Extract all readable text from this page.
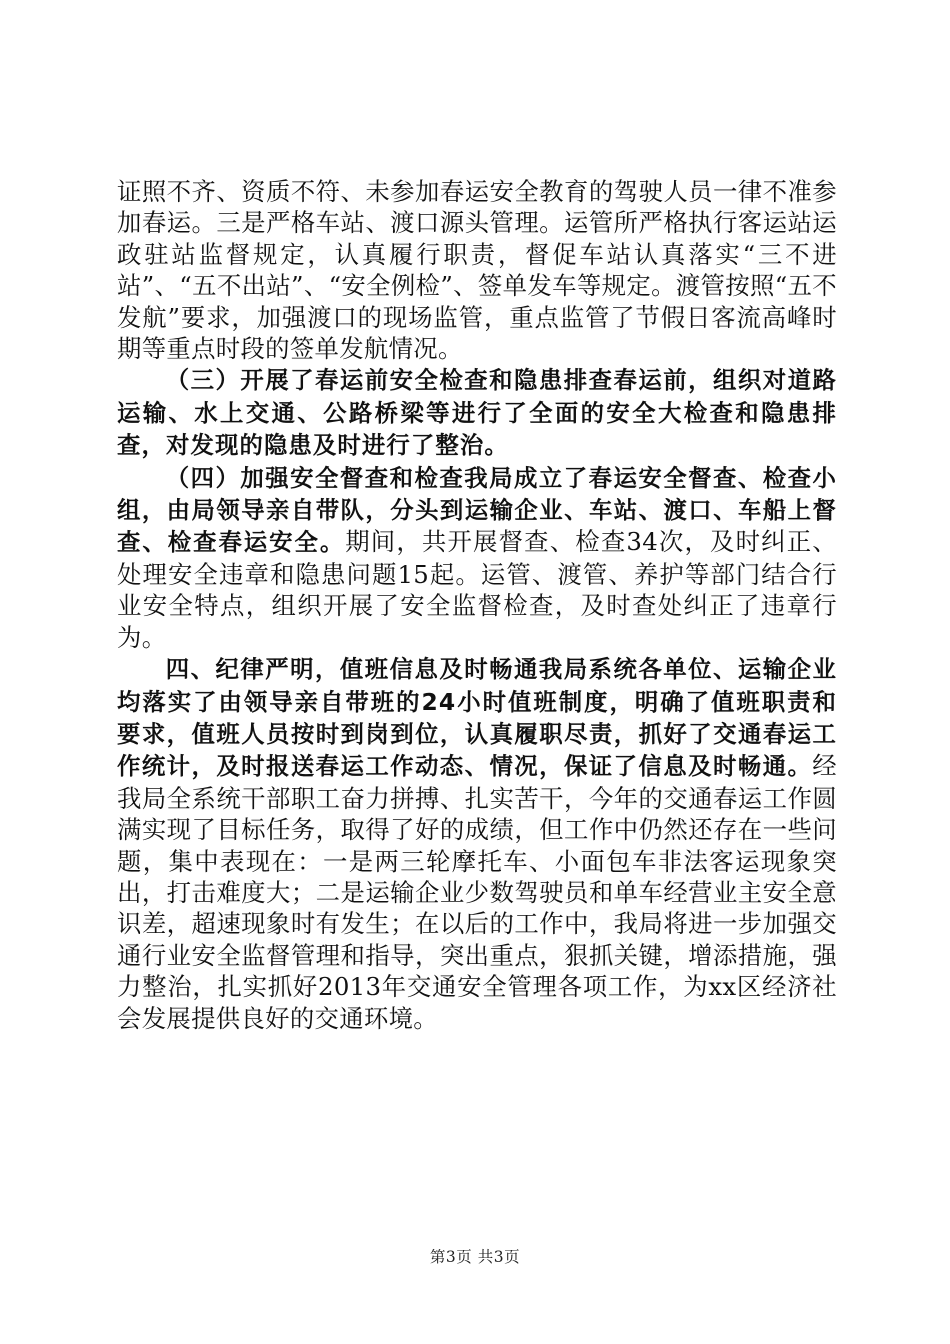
证照不齐、资质不符、未参加春运安全教育的驾驶人员一律不准参加春运。三是严格车站、渡口源头管理。运管所严格执行客运站运政驻站监督规定，认真履行职责，督促车站认真落实“三不进站”、“五不出站”、“安全例检”、签单发车等规定。渡管按照“五不发航”要求，加强渡口的现场监管，重点监管了节假日客流高峰时期等重点时段的签单发航情况。

（三）开展了春运前安全检查和隐患排查春运前，组织对道路运输、水上交通、公路桥梁等进行了全面的安全大检查和隐患排查，对发现的隐患及时进行了整治。

（四）加强安全督查和检查我局成立了春运安全督查、检查小组，由局领导亲自带队，分头到运输企业、车站、渡口、车船上督查、检查春运安全。期间，共开展督查、检查34次，及时纠正、处理安全违章和隐患问题15起。运管、渡管、养护等部门结合行业安全特点，组织开展了安全监督检查，及时查处纠正了违章行为。

四、纪律严明，值班信息及时畅通我局系统各单位、运输企业均落实了由领导亲自带班的24小时值班制度，明确了值班职责和要求，值班人员按时到岗到位，认真履职尽责，抓好了交通春运工作统计，及时报送春运工作动态、情况，保证了信息及时畅通。经我局全系统干部职工奋力拼搏、扎实苦干，今年的交通春运工作圆满实现了目标任务，取得了好的成绩，但工作中仍然还存在一些问题，集中表现在：一是两三轮摩托车、小面包车非法客运现象突出，打击难度大；二是运输企业少数驾驶员和单车经营业主安全意识差，超速现象时有发生；在以后的工作中，我局将进一步加强交通行业安全监督管理和指导，突出重点，狠抓关键，增添措施，强力整治，扎实抓好2013年交通安全管理各项工作，为xx区经济社会发展提供良好的交通环境。

第3页 共3页
